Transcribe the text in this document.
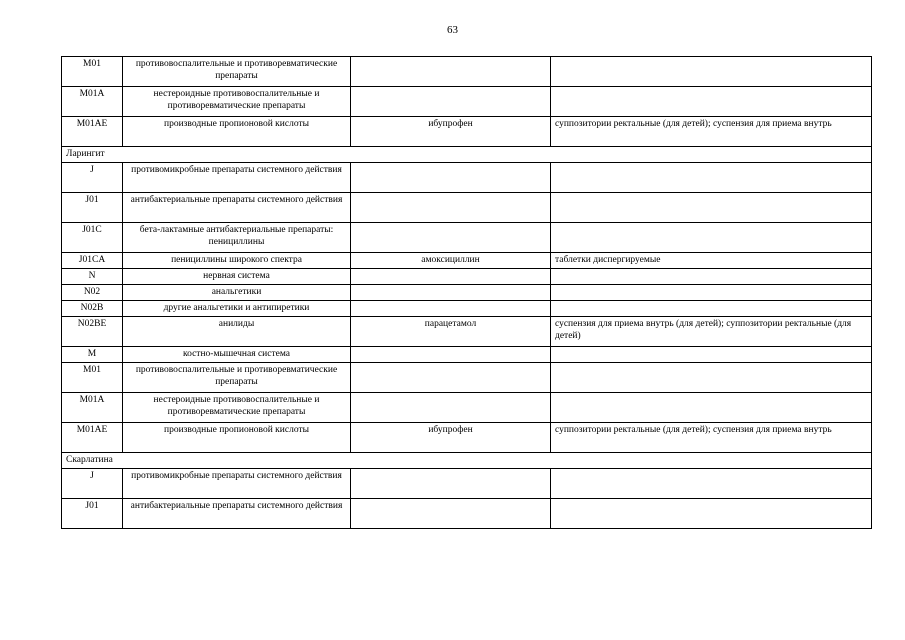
63
M01	противовоспалительные и противоревматические препараты		
M01A	нестероидные противовоспалительные и противоревматические препараты		
M01AE	производные пропионовой кислоты	ибупрофен	суппозитории ректальные (для детей); суспензия для приема внутрь
Ларингит			
J	противомикробные препараты системного действия		
J01	антибактериальные препараты системного действия		
J01C	бета-лактамные антибактериальные препараты: пенициллины		
J01CA	пенициллины широкого спектра	амоксициллин	таблетки диспергируемые
N	нервная система		
N02	анальгетики		
N02B	другие анальгетики и антипиретики		
N02BE	анилиды	парацетамол	суспензия для приема внутрь (для детей); суппозитории ректальные (для детей)
M	костно-мышечная система		
M01	противовоспалительные и противоревматические препараты		
M01A	нестероидные противовоспалительные и противоревматические препараты		
M01AE	производные пропионовой кислоты	ибупрофен	суппозитории ректальные (для детей); суспензия для приема внутрь
Скарлатина			
J	противомикробные препараты системного действия		
J01	антибактериальные препараты системного действия		
